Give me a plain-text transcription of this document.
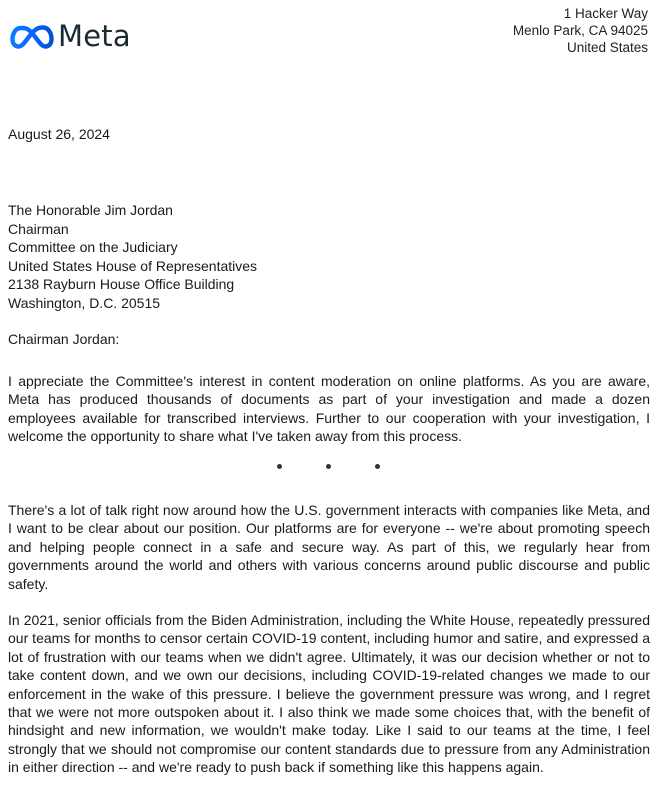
Meta
1 Hacker Way
Menlo Park, CA 94025
United States
August 26, 2024
The Honorable Jim Jordan
Chairman
Committee on the Judiciary
United States House of Representatives
2138 Rayburn House Office Building
Washington, D.C. 20515
Chairman Jordan:

I appreciate the Committee's interest in content moderation on online platforms. As you are aware, Meta has produced thousands of documents as part of your investigation and made a dozen employees available for transcribed interviews. Further to our cooperation with your investigation, I welcome the opportunity to share what I've taken away from this process.

There's a lot of talk right now around how the U.S. government interacts with companies like Meta, and I want to be clear about our position. Our platforms are for everyone -- we're about promoting speech and helping people connect in a safe and secure way. As part of this, we regularly hear from governments around the world and others with various concerns around public discourse and public safety.

In 2021, senior officials from the Biden Administration, including the White House, repeatedly pressured our teams for months to censor certain COVID-19 content, including humor and satire, and expressed a lot of frustration with our teams when we didn't agree. Ultimately, it was our decision whether or not to take content down, and we own our decisions, including COVID-19-related changes we made to our enforcement in the wake of this pressure. I believe the government pressure was wrong, and I regret that we were not more outspoken about it. I also think we made some choices that, with the benefit of hindsight and new information, we wouldn't make today. Like I said to our teams at the time, I feel strongly that we should not compromise our content standards due to pressure from any Administration in either direction -- and we're ready to push back if something like this happens again.
